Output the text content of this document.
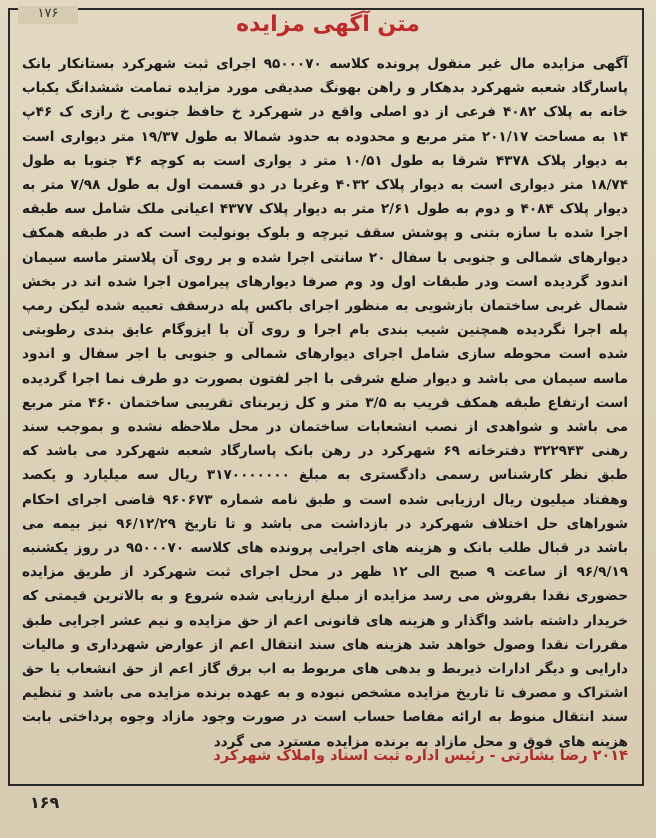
۱۷۶	متن آگهی مزایده
آگهی مزایده مال غیر منقول پرونده کلاسه ۹۵۰۰۰۷۰ اجرای ثبت شهرکرد بستانکار بانک پاسارگاد شعبه شهرکرد بدهکار و راهن بهونگ صدیقی مورد مزایده تمامت ششدانگ یکباب خانه به پلاک ۴۰۸۲ فرعی از دو اصلی واقع در شهرکرد خ حافظ جنوبی خ رازی ک ۴۶پ ۱۴ به مساحت ۲۰۱/۱۷ متر مربع و محدوده به حدود شمالا به طول ۱۹/۳۷ متر دیواری است به دیوار پلاک ۴۳۷۸ شرقا به طول ۱۰/۵۱ متر د یواری است به کوچه ۴۶ جنوبا به طول ۱۸/۷۴ متر دیواری است به دیوار پلاک ۴۰۳۲ وغربا در دو قسمت اول به طول ۷/۹۸ متر به دیوار پلاک ۴۰۸۴ و دوم به طول ۲/۶۱ متر به دیوار پلاک ۴۳۷۷ اعیانی ملک شامل سه طبقه اجرا شده با سازه بتنی و پوشش سقف تیرچه و بلوک یونولیت است که در طبقه همکف دیوارهای شمالی و جنوبی با سفال ۲۰ سانتی اجرا شده و بر روی آن پلاستر ماسه سیمان اندود گردیده است ودر طبقات اول ود وم صرفا دیوارهای پیرامون اجرا شده اند در بخش شمال غربی ساختمان بازشویی به منظور اجرای باکس پله درسقف تعبیه شده لیکن رمپ پله اجرا نگردیده همچنین شیب بندی بام اجرا و روی آن با ایزوگام عایق بندی رطوبتی شده است محوطه سازی شامل اجرای دیوارهای شمالی و جنوبی با اجر سفال و اندود ماسه سیمان می باشد و دیوار ضلع شرقی با اجر لفتون بصورت دو طرف نما اجرا گردیده است ارتفاع طبقه همکف قریب به ۳/۵ متر و کل زیربنای تقریبی ساختمان ۴۶۰ متر مربع می باشد و شواهدی از نصب انشعابات ساختمان در محل ملاحظه نشده و بموجب سند رهنی ۳۲۲۹۴۳ دفترخانه ۶۹ شهرکرد در رهن بانک پاسارگاد شعبه شهرکرد می باشد که طبق نظر کارشناس رسمی دادگستری به مبلغ ۳۱۷۰۰۰۰۰۰۰ ریال سه میلیارد و یکصد وهفتاد میلیون ریال ارزیابی شده است و طبق نامه شماره ۹۶۰۶۷۳ قاضی اجرای احکام شوراهای حل اختلاف شهرکرد در بازداشت می باشد و تا تاریخ ۹۶/۱۲/۲۹ نیز بیمه می باشد در قبال طلب بانک و هزینه های اجرایی پرونده های کلاسه ۹۵۰۰۰۷۰ در روز یکشنبه ۹۶/۹/۱۹ از ساعت ۹ صبح الی ۱۲ ظهر در محل اجرای ثبت شهرکرد از طریق مزایده حضوری نقدا بفروش می رسد مزایده از مبلغ ارزیابی شده شروع و به بالاترین قیمتی که خریدار داشته باشد واگذار و هزینه های قانونی اعم از حق مزایده و نیم عشر اجرایی طبق مقررات نقدا وصول خواهد شد هزینه های سند انتقال اعم از عوارض شهرداری و مالیات دارایی و دیگر ادارات ذیربط و بدهی های مربوط به اب برق گاز اعم از حق انشعاب یا حق اشتراک و مصرف تا تاریخ مزایده مشخص نبوده و به عهده برنده مزایده می باشد و تنظیم سند انتقال منوط به ارائه مفاصا حساب است در صورت وجود مازاد وجوه پرداختی بابت هزینه های فوق و محل مازاد به برنده مزایده مسترد می گردد
۲۰۱۴ رضا بشارتی - رئیس اداره ثبت اسناد واملاک شهرکرد
۱۶۹
